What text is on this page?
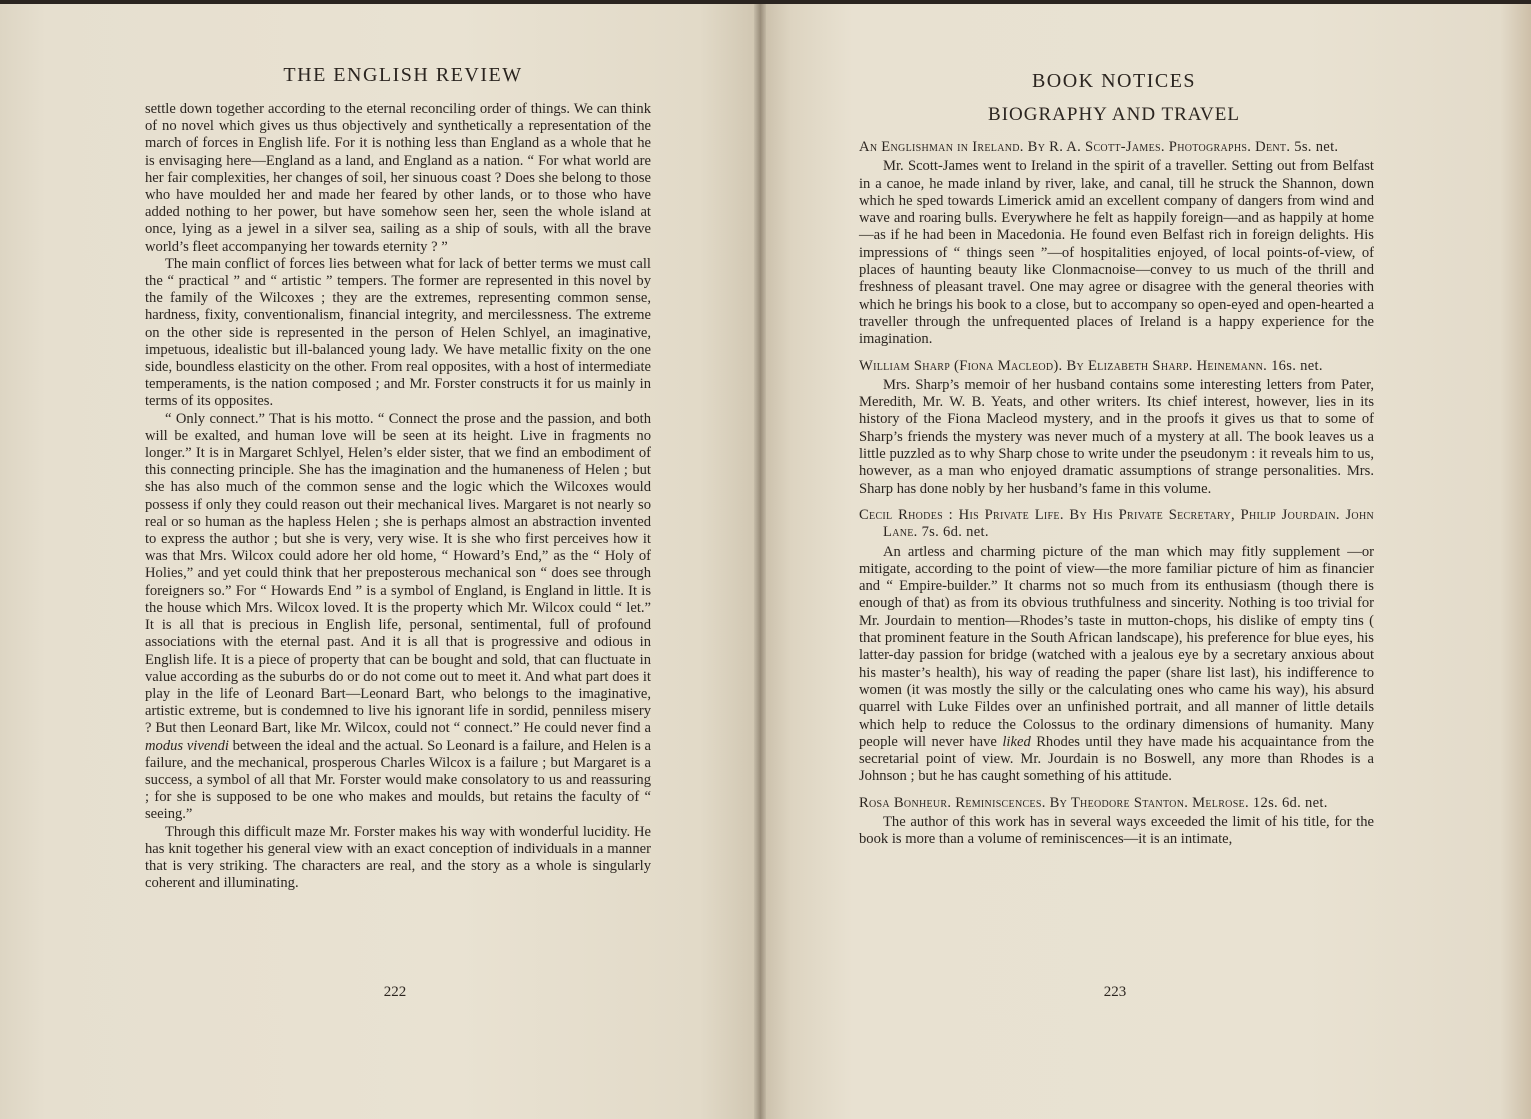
THE ENGLISH REVIEW

settle down together according to the eternal reconciling order of things. We can think of no novel which gives us thus objectively and synthetically a representation of the march of forces in English life. For it is nothing less than England as a whole that he is envisaging here—England as a land, and England as a nation. “ For what world are her fair complexities, her changes of soil, her sinuous coast ? Does she belong to those who have moulded her and made her feared by other lands, or to those who have added nothing to her power, but have somehow seen her, seen the whole island at once, lying as a jewel in a silver sea, sailing as a ship of souls, with all the brave world’s fleet accompanying her towards eternity ? ”

The main conflict of forces lies between what for lack of better terms we must call the “ practical ” and “ artistic ” tempers. The former are represented in this novel by the family of the Wilcoxes ; they are the extremes, representing common sense, hardness, fixity, conventionalism, financial integrity, and mercilessness. The extreme on the other side is represented in the person of Helen Schlyel, an imaginative, impetuous, idealistic but ill-balanced young lady. We have metallic fixity on the one side, boundless elasticity on the other. From real opposites, with a host of intermediate temperaments, is the nation composed ; and Mr. Forster constructs it for us mainly in terms of its opposites.

“ Only connect.” That is his motto. “ Connect the prose and the passion, and both will be exalted, and human love will be seen at its height. Live in fragments no longer.” It is in Margaret Schlyel, Helen’s elder sister, that we find an embodiment of this connecting principle. She has the imagination and the humaneness of Helen ; but she has also much of the common sense and the logic which the Wilcoxes would possess if only they could reason out their mechanical lives. Margaret is not nearly so real or so human as the hapless Helen ; she is perhaps almost an abstraction invented to express the author ; but she is very, very wise. It is she who first perceives how it was that Mrs. Wilcox could adore her old home, “ Howard’s End,” as the “ Holy of Holies,” and yet could think that her preposterous mechanical son “ does see through foreigners so.” For “ Howards End ” is a symbol of England, is England in little. It is the house which Mrs. Wilcox loved. It is the property which Mr. Wilcox could “ let.” It is all that is precious in English life, personal, sentimental, full of profound associations with the eternal past. And it is all that is progressive and odious in English life. It is a piece of property that can be bought and sold, that can fluctuate in value according as the suburbs do or do not come out to meet it. And what part does it play in the life of Leonard Bart—Leonard Bart, who belongs to the imaginative, artistic extreme, but is condemned to live his ignorant life in sordid, penniless misery ? But then Leonard Bart, like Mr. Wilcox, could not “ connect.” He could never find a modus vivendi between the ideal and the actual. So Leonard is a failure, and Helen is a failure, and the mechanical, prosperous Charles Wilcox is a failure ; but Margaret is a success, a symbol of all that Mr. Forster would make consolatory to us and reassuring ; for she is supposed to be one who makes and moulds, but retains the faculty of “ seeing.”

Through this difficult maze Mr. Forster makes his way with wonderful lucidity. He has knit together his general view with an exact conception of individuals in a manner that is very striking. The characters are real, and the story as a whole is singularly coherent and illuminating.

222

BOOK NOTICES
BIOGRAPHY AND TRAVEL

An Englishman in Ireland. By R. A. Scott-James. Photographs. Dent. 5s. net.

Mr. Scott-James went to Ireland in the spirit of a traveller. Setting out from Belfast in a canoe, he made inland by river, lake, and canal, till he struck the Shannon, down which he sped towards Limerick amid an excellent company of dangers from wind and wave and roaring bulls. Everywhere he felt as happily foreign—and as happily at home—as if he had been in Macedonia. He found even Belfast rich in foreign delights. His impressions of “ things seen ”—of hospitalities enjoyed, of local points-of-view, of places of haunting beauty like Clonmacnoise—convey to us much of the thrill and freshness of pleasant travel. One may agree or disagree with the general theories with which he brings his book to a close, but to accompany so open-eyed and open-hearted a traveller through the unfrequented places of Ireland is a happy experience for the imagination.

William Sharp (Fiona Macleod). By Elizabeth Sharp. Heinemann. 16s. net.

Mrs. Sharp’s memoir of her husband contains some interesting letters from Pater, Meredith, Mr. W. B. Yeats, and other writers. Its chief interest, however, lies in its history of the Fiona Macleod mystery, and in the proofs it gives us that to some of Sharp’s friends the mystery was never much of a mystery at all. The book leaves us a little puzzled as to why Sharp chose to write under the pseudonym : it reveals him to us, however, as a man who enjoyed dramatic assumptions of strange personalities. Mrs. Sharp has done nobly by her husband’s fame in this volume.

Cecil Rhodes : His Private Life. By His Private Secretary, Philip Jourdain. John Lane. 7s. 6d. net.

An artless and charming picture of the man which may fitly supplement —or mitigate, according to the point of view—the more familiar picture of him as financier and “ Empire-builder.” It charms not so much from its enthusiasm (though there is enough of that) as from its obvious truthfulness and sincerity. Nothing is too trivial for Mr. Jourdain to mention—Rhodes’s taste in mutton-chops, his dislike of empty tins ( that prominent feature in the South African landscape), his preference for blue eyes, his latter-day passion for bridge (watched with a jealous eye by a secretary anxious about his master’s health), his way of reading the paper (share list last), his indifference to women (it was mostly the silly or the calculating ones who came his way), his absurd quarrel with Luke Fildes over an unfinished portrait, and all manner of little details which help to reduce the Colossus to the ordinary dimensions of humanity. Many people will never have liked Rhodes until they have made his acquaintance from the secretarial point of view. Mr. Jourdain is no Boswell, any more than Rhodes is a Johnson ; but he has caught something of his attitude.

Rosa Bonheur. Reminiscences. By Theodore Stanton. Melrose. 12s. 6d. net.

The author of this work has in several ways exceeded the limit of his title, for the book is more than a volume of reminiscences—it is an intimate,

223
